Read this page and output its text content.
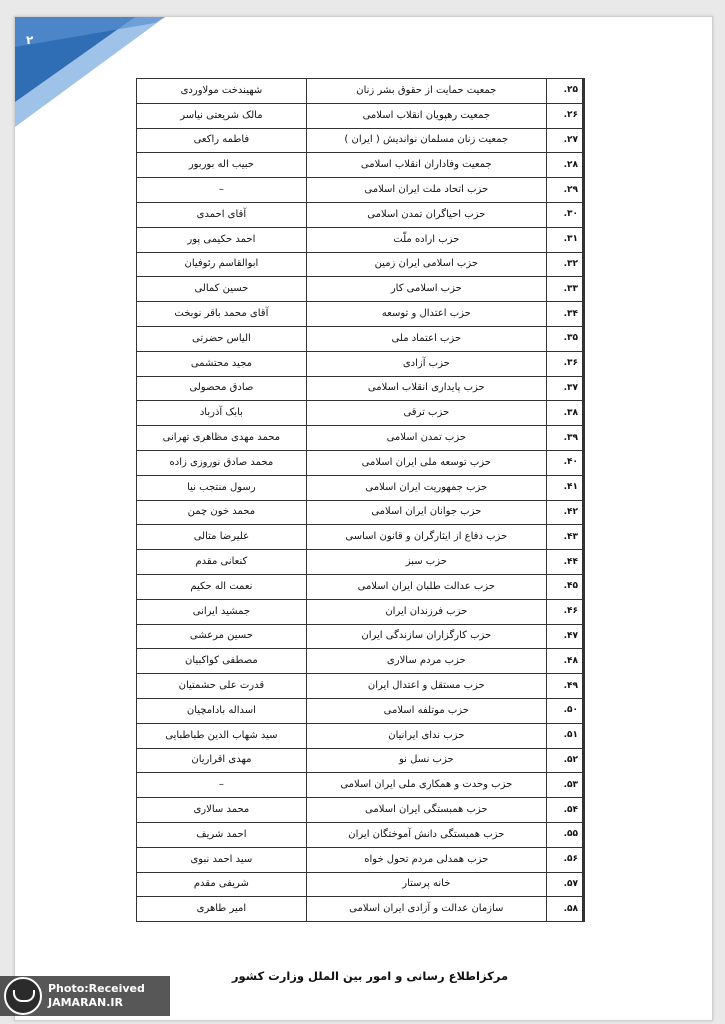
۲
۲۵.	جمعیت حمایت از حقوق بشر زنان	شهیندخت مولاوردی
۲۶.	جمعیت رهپویان انقلاب اسلامی	مالک شریعتی نیاسر
۲۷.	جمعیت زنان مسلمان نواندیش ( ایران )	فاطمه راکعی
۲۸.	جمعیت وفاداران انقلاب اسلامی	حبیب اله بوربور
۲۹.	حزب اتحاد ملت ایران اسلامی	–
۳۰.	حزب احیاگران تمدن اسلامی	آقای احمدی
۳۱.	حزب اراده ملّت	احمد حکیمی پور
۳۲.	حزب اسلامی ایران زمین	ابوالقاسم رئوفیان
۳۳.	حزب اسلامی کار	حسین کمالی
۳۴.	حزب اعتدال و توسعه	آقای محمد باقر نوبخت
۳۵.	حزب اعتماد ملی	الیاس حضرتی
۳۶.	حزب آزادی	مجید محتشمی
۳۷.	حزب پایداری انقلاب اسلامی	صادق محصولی
۳۸.	حزب ترقی	بابک آذرباد
۳۹.	حزب تمدن اسلامی	محمد مهدی مظاهری تهرانی
۴۰.	حزب توسعه ملی ایران اسلامی	محمد صادق نوروزی زاده
۴۱.	حزب جمهوریت ایران اسلامی	رسول منتجب نیا
۴۲.	حزب جوانان ایران اسلامی	محمد خون چمن
۴۳.	حزب دفاع از ایثارگران و قانون اساسی	علیرضا متالی
۴۴.	حزب سبز	کنعانی مقدم
۴۵.	حزب عدالت طلبان ایران اسلامی	نعمت اله حکیم
۴۶.	حزب فرزندان ایران	جمشید ایرانی
۴۷.	حزب کارگزاران سازندگی ایران	حسین مرعشی
۴۸.	حزب مردم سالاری	مصطفی کواکبیان
۴۹.	حزب مستقل و اعتدال ایران	قدرت علی حشمتیان
۵۰.	حزب موتلفه اسلامی	اسداله بادامچیان
۵۱.	حزب ندای ایرانیان	سید شهاب الدین طباطبایی
۵۲.	حزب نسل نو	مهدی اقراریان
۵۳.	حزب وحدت و همکاری ملی ایران اسلامی	–
۵۴.	حزب همبستگی ایران اسلامی	محمد سالاری
۵۵.	حزب همبستگی دانش آموختگان ایران	احمد شریف
۵۶.	حزب همدلی مردم تحول خواه	سید احمد نبوی
۵۷.	خانه پرستار	شریفی مقدم
۵۸.	سازمان عدالت و آزادی ایران اسلامی	امیر طاهری
مرکزاطلاع رسانی و امور بین الملل وزارت کشور
Photo:Received
JAMARAN.IR
